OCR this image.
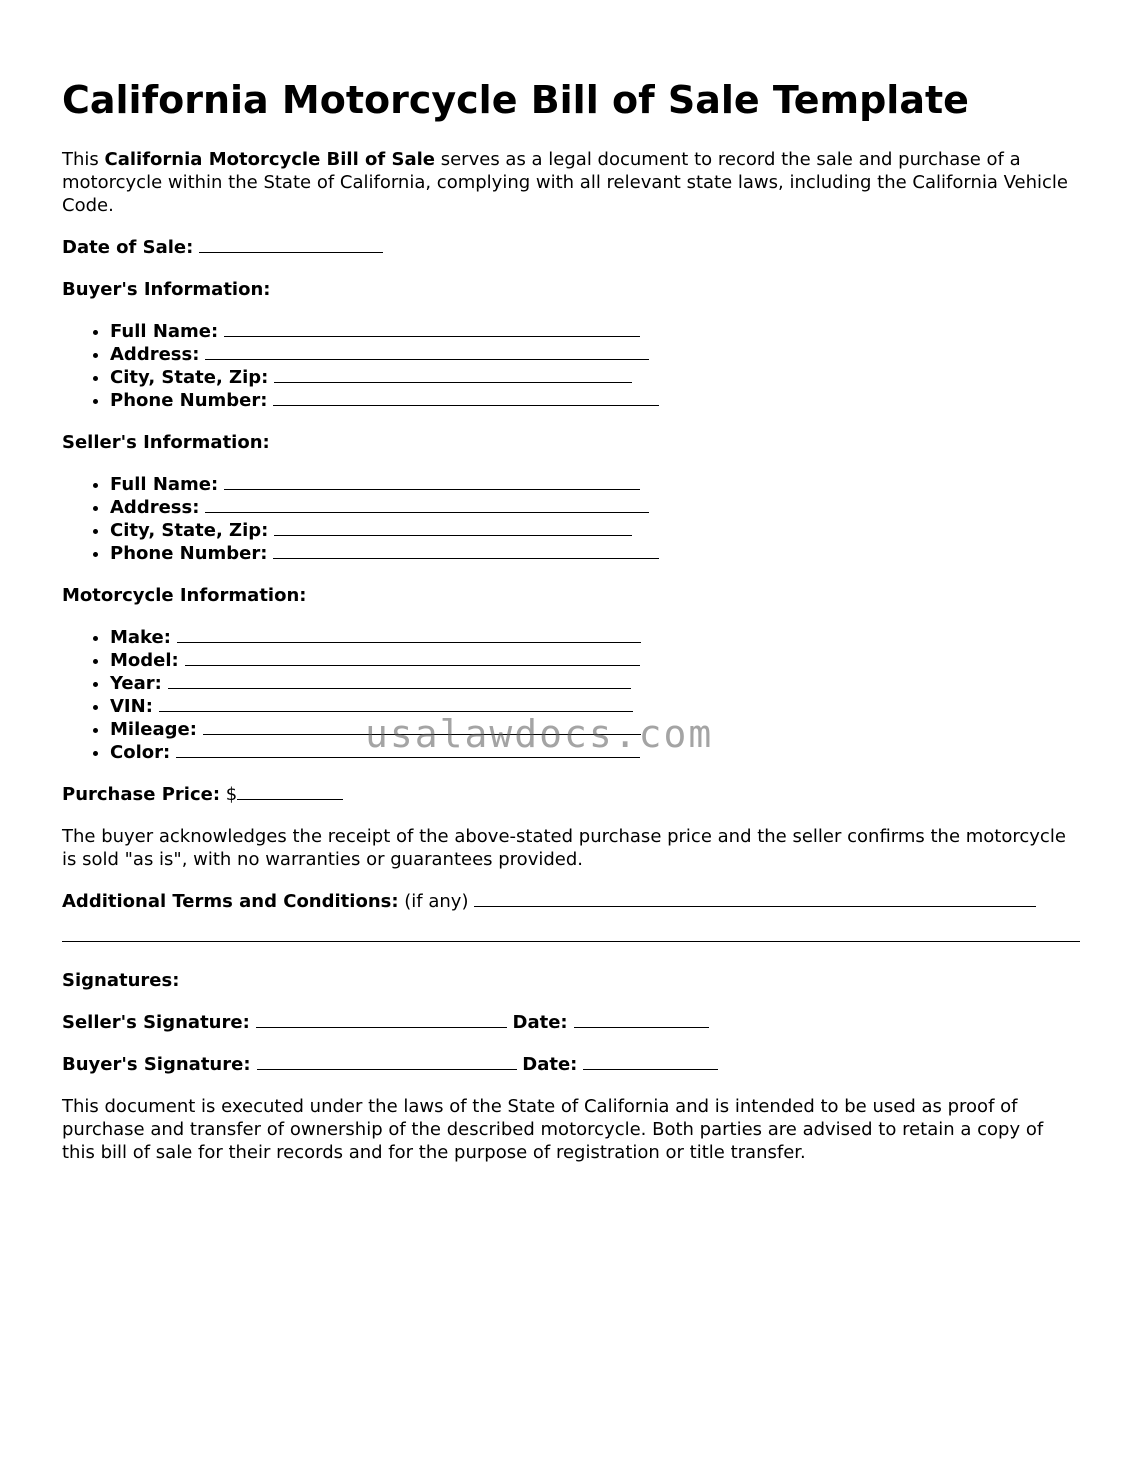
California Motorcycle Bill of Sale Template

This California Motorcycle Bill of Sale serves as a legal document to record the sale and purchase of a motorcycle within the State of California, complying with all relevant state laws, including the California Vehicle Code.

Date of Sale:

Buyer's Information:

• Full Name:
• Address:
• City, State, Zip:
• Phone Number:

Seller's Information:

• Full Name:
• Address:
• City, State, Zip:
• Phone Number:

Motorcycle Information:

• Make:
• Model:
• Year:
• VIN:
• Mileage:
• Color:

Purchase Price: $

The buyer acknowledges the receipt of the above-stated purchase price and the seller confirms the motorcycle is sold "as is", with no warranties or guarantees provided.

Additional Terms and Conditions: (if any)

Signatures:

Seller's Signature:	Date:

Buyer's Signature:	Date:

This document is executed under the laws of the State of California and is intended to be used as proof of purchase and transfer of ownership of the described motorcycle. Both parties are advised to retain a copy of this bill of sale for their records and for the purpose of registration or title transfer.

usalawdocs.com
